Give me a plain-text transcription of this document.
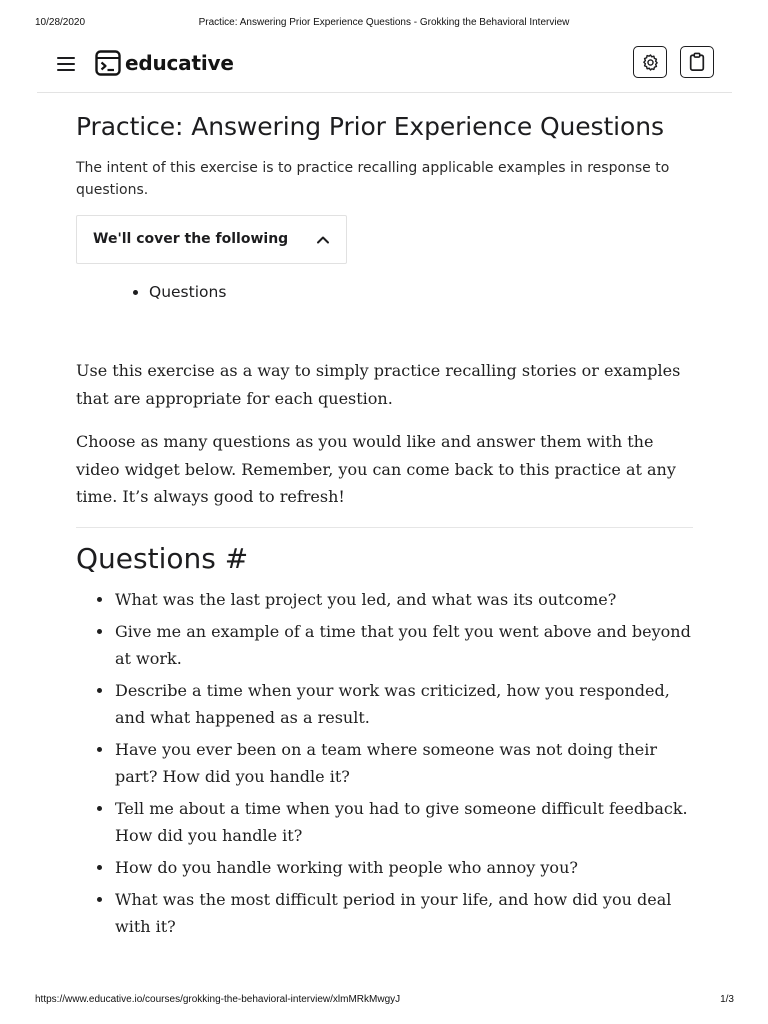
10/28/2020	Practice: Answering Prior Experience Questions - Grokking the Behavioral Interview
educative
Practice: Answering Prior Experience Questions

The intent of this exercise is to practice recalling applicable examples in response to questions.

We'll cover the following
Questions

Use this exercise as a way to simply practice recalling stories or examples that are appropriate for each question.

Choose as many questions as you would like and answer them with the video widget below. Remember, you can come back to this practice at any time. It’s always good to refresh!

Questions #
What was the last project you led, and what was its outcome?
Give me an example of a time that you felt you went above and beyond at work.
Describe a time when your work was criticized, how you responded, and what happened as a result.
Have you ever been on a team where someone was not doing their part? How did you handle it?
Tell me about a time when you had to give someone difficult feedback. How did you handle it?
How do you handle working with people who annoy you?
What was the most difficult period in your life, and how did you deal with it?
https://www.educative.io/courses/grokking-the-behavioral-interview/xlmMRkMwgyJ	1/3
